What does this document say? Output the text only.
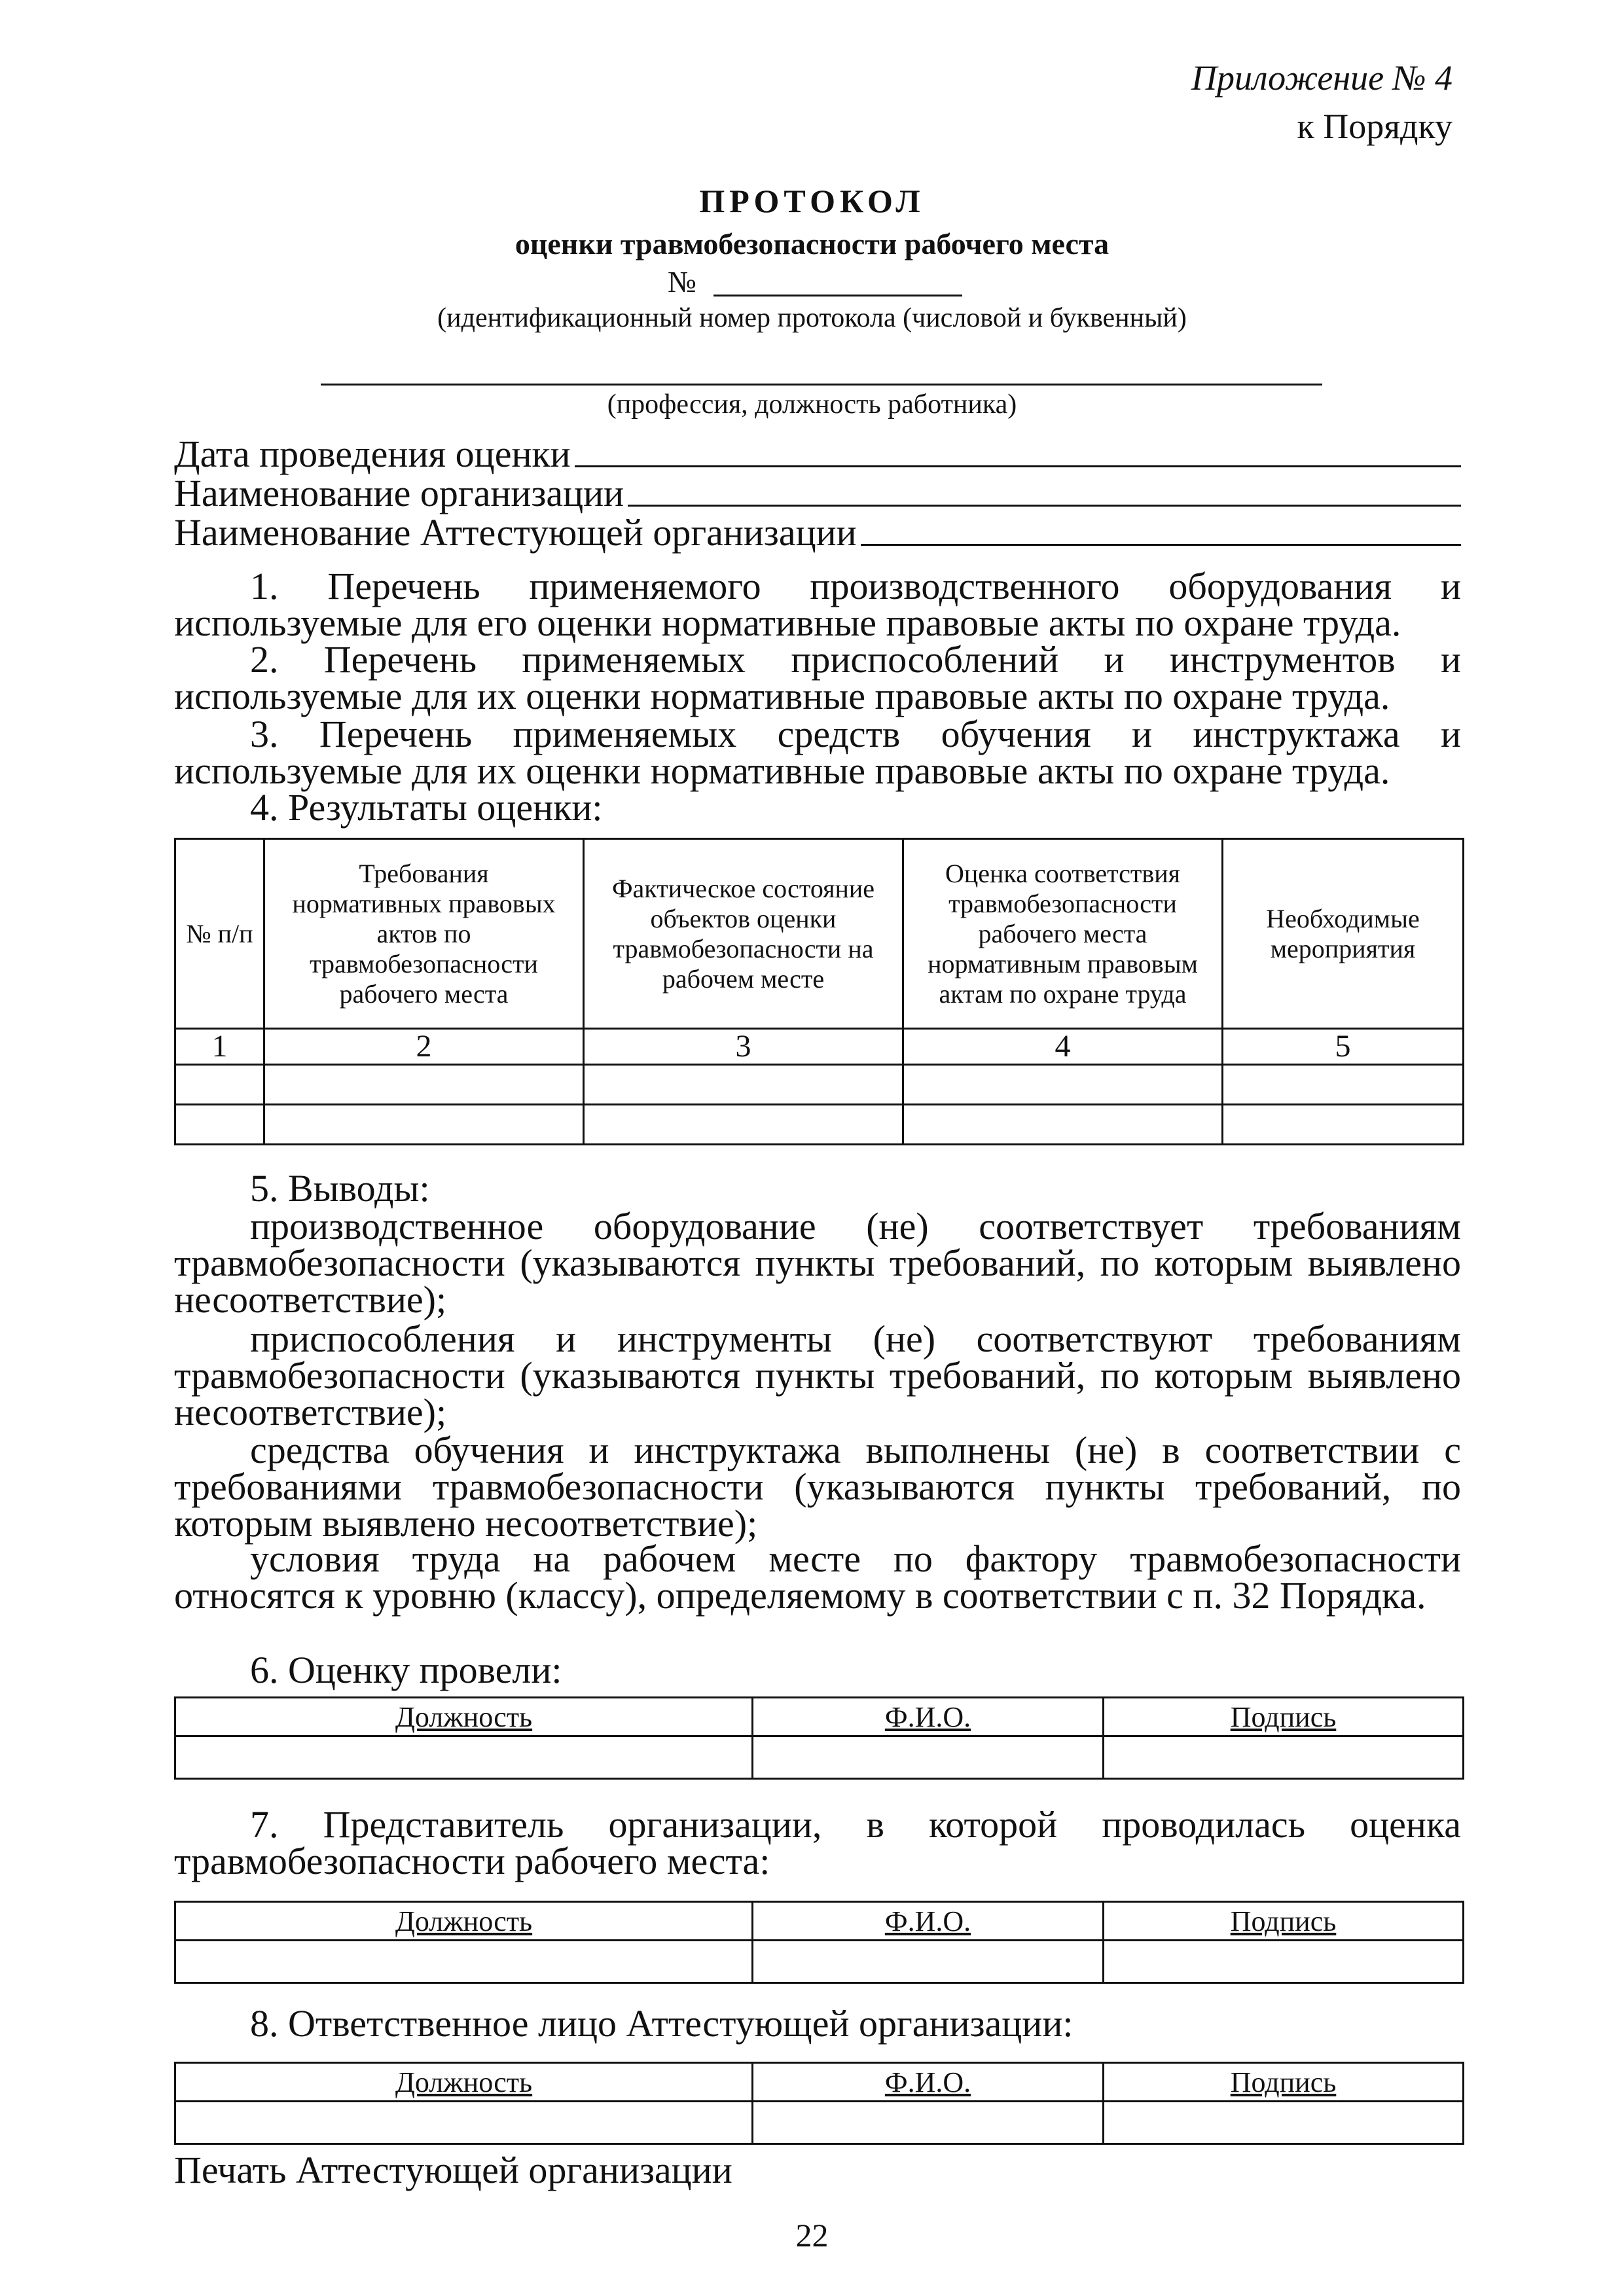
Приложение № 4
к Порядку
ПРОТОКОЛ
оценки травмобезопасности рабочего места
№
(идентификационный номер протокола (числовой и буквенный)
(профессия, должность работника)
Дата проведения оценки
Наименование организации
Наименование Аттестующей организации
1. Перечень применяемого производственного оборудования и используемые для его оценки нормативные правовые акты по охране труда.
2. Перечень применяемых приспособлений и инструментов и используемые для их оценки нормативные правовые акты по охране труда.
3. Перечень применяемых средств обучения и инструктажа и используемые для их оценки нормативные правовые акты по охране труда.
4. Результаты оценки:
№ п/п	Требования нормативных правовых актов по травмобезопасности рабочего места	Фактическое состояние объектов оценки травмобезопасности на рабочем месте	Оценка соответствия травмобезопасности рабочего места нормативным правовым актам по охране труда	Необходимые мероприятия
1	2	3	4	5

5. Выводы:
производственное оборудование (не) соответствует требованиям травмобезопасности (указываются пункты требований, по которым выявлено несоответствие);
приспособления и инструменты (не) соответствуют требованиям травмобезопасности (указываются пункты требований, по которым выявлено несоответствие);
средства обучения и инструктажа выполнены (не) в соответствии с требованиями травмобезопасности (указываются пункты требований, по которым выявлено несоответствие);
условия труда на рабочем месте по фактору травмобезопасности относятся к уровню (классу), определяемому в соответствии с п. 32 Порядка.
6. Оценку провели:
Должность	Ф.И.О.	Подпись

7. Представитель организации, в которой проводилась оценка травмобезопасности рабочего места:
Должность	Ф.И.О.	Подпись

8. Ответственное лицо Аттестующей организации:
Должность	Ф.И.О.	Подпись

Печать Аттестующей организации
22
